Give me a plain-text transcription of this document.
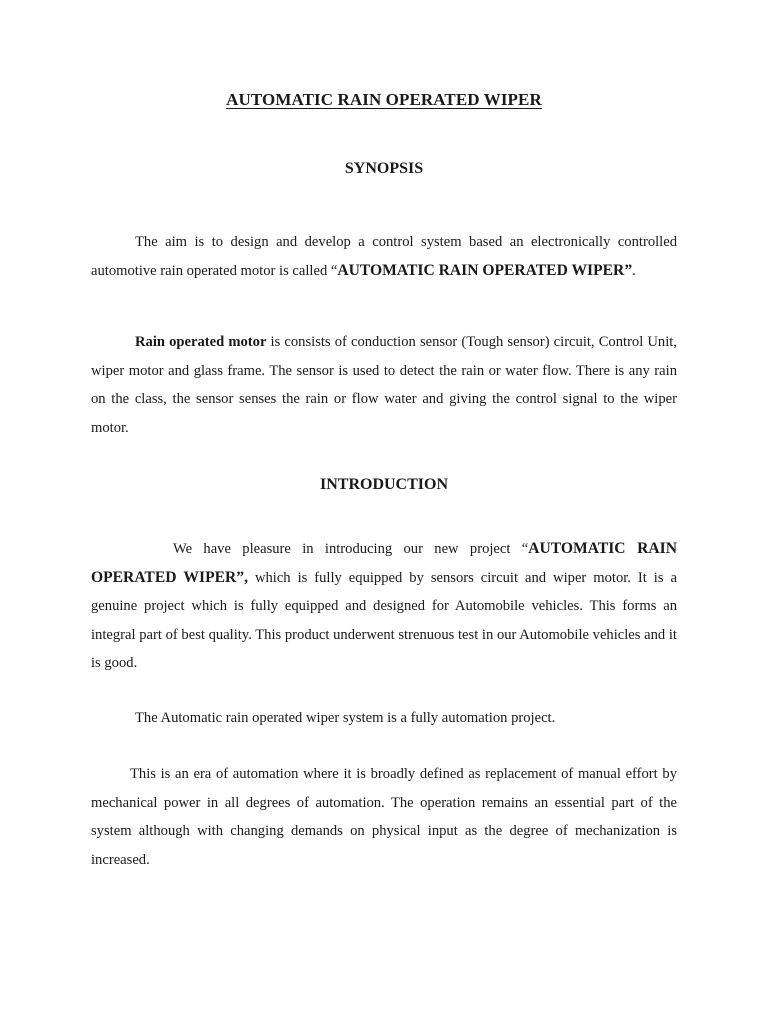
AUTOMATIC RAIN OPERATED WIPER
SYNOPSIS

The aim is to design and develop a control system based an electronically controlled automotive rain operated motor is called “AUTOMATIC RAIN OPERATED WIPER”.

Rain operated motor is consists of conduction sensor (Tough sensor) circuit, Control Unit, wiper motor and glass frame. The sensor is used to detect the rain or water flow. There is any rain on the class, the sensor senses the rain or flow water and giving the control signal to the wiper motor.

INTRODUCTION

We have pleasure in introducing our new project “AUTOMATIC RAIN OPERATED WIPER”, which is fully equipped by sensors circuit and wiper motor. It is a genuine project which is fully equipped and designed for Automobile vehicles. This forms an integral part of best quality. This product underwent strenuous test in our Automobile vehicles and it is good.

The Automatic rain operated wiper system is a fully automation project.

This is an era of automation where it is broadly defined as replacement of manual effort by mechanical power in all degrees of automation. The operation remains an essential part of the system although with changing demands on physical input as the degree of mechanization is increased.
